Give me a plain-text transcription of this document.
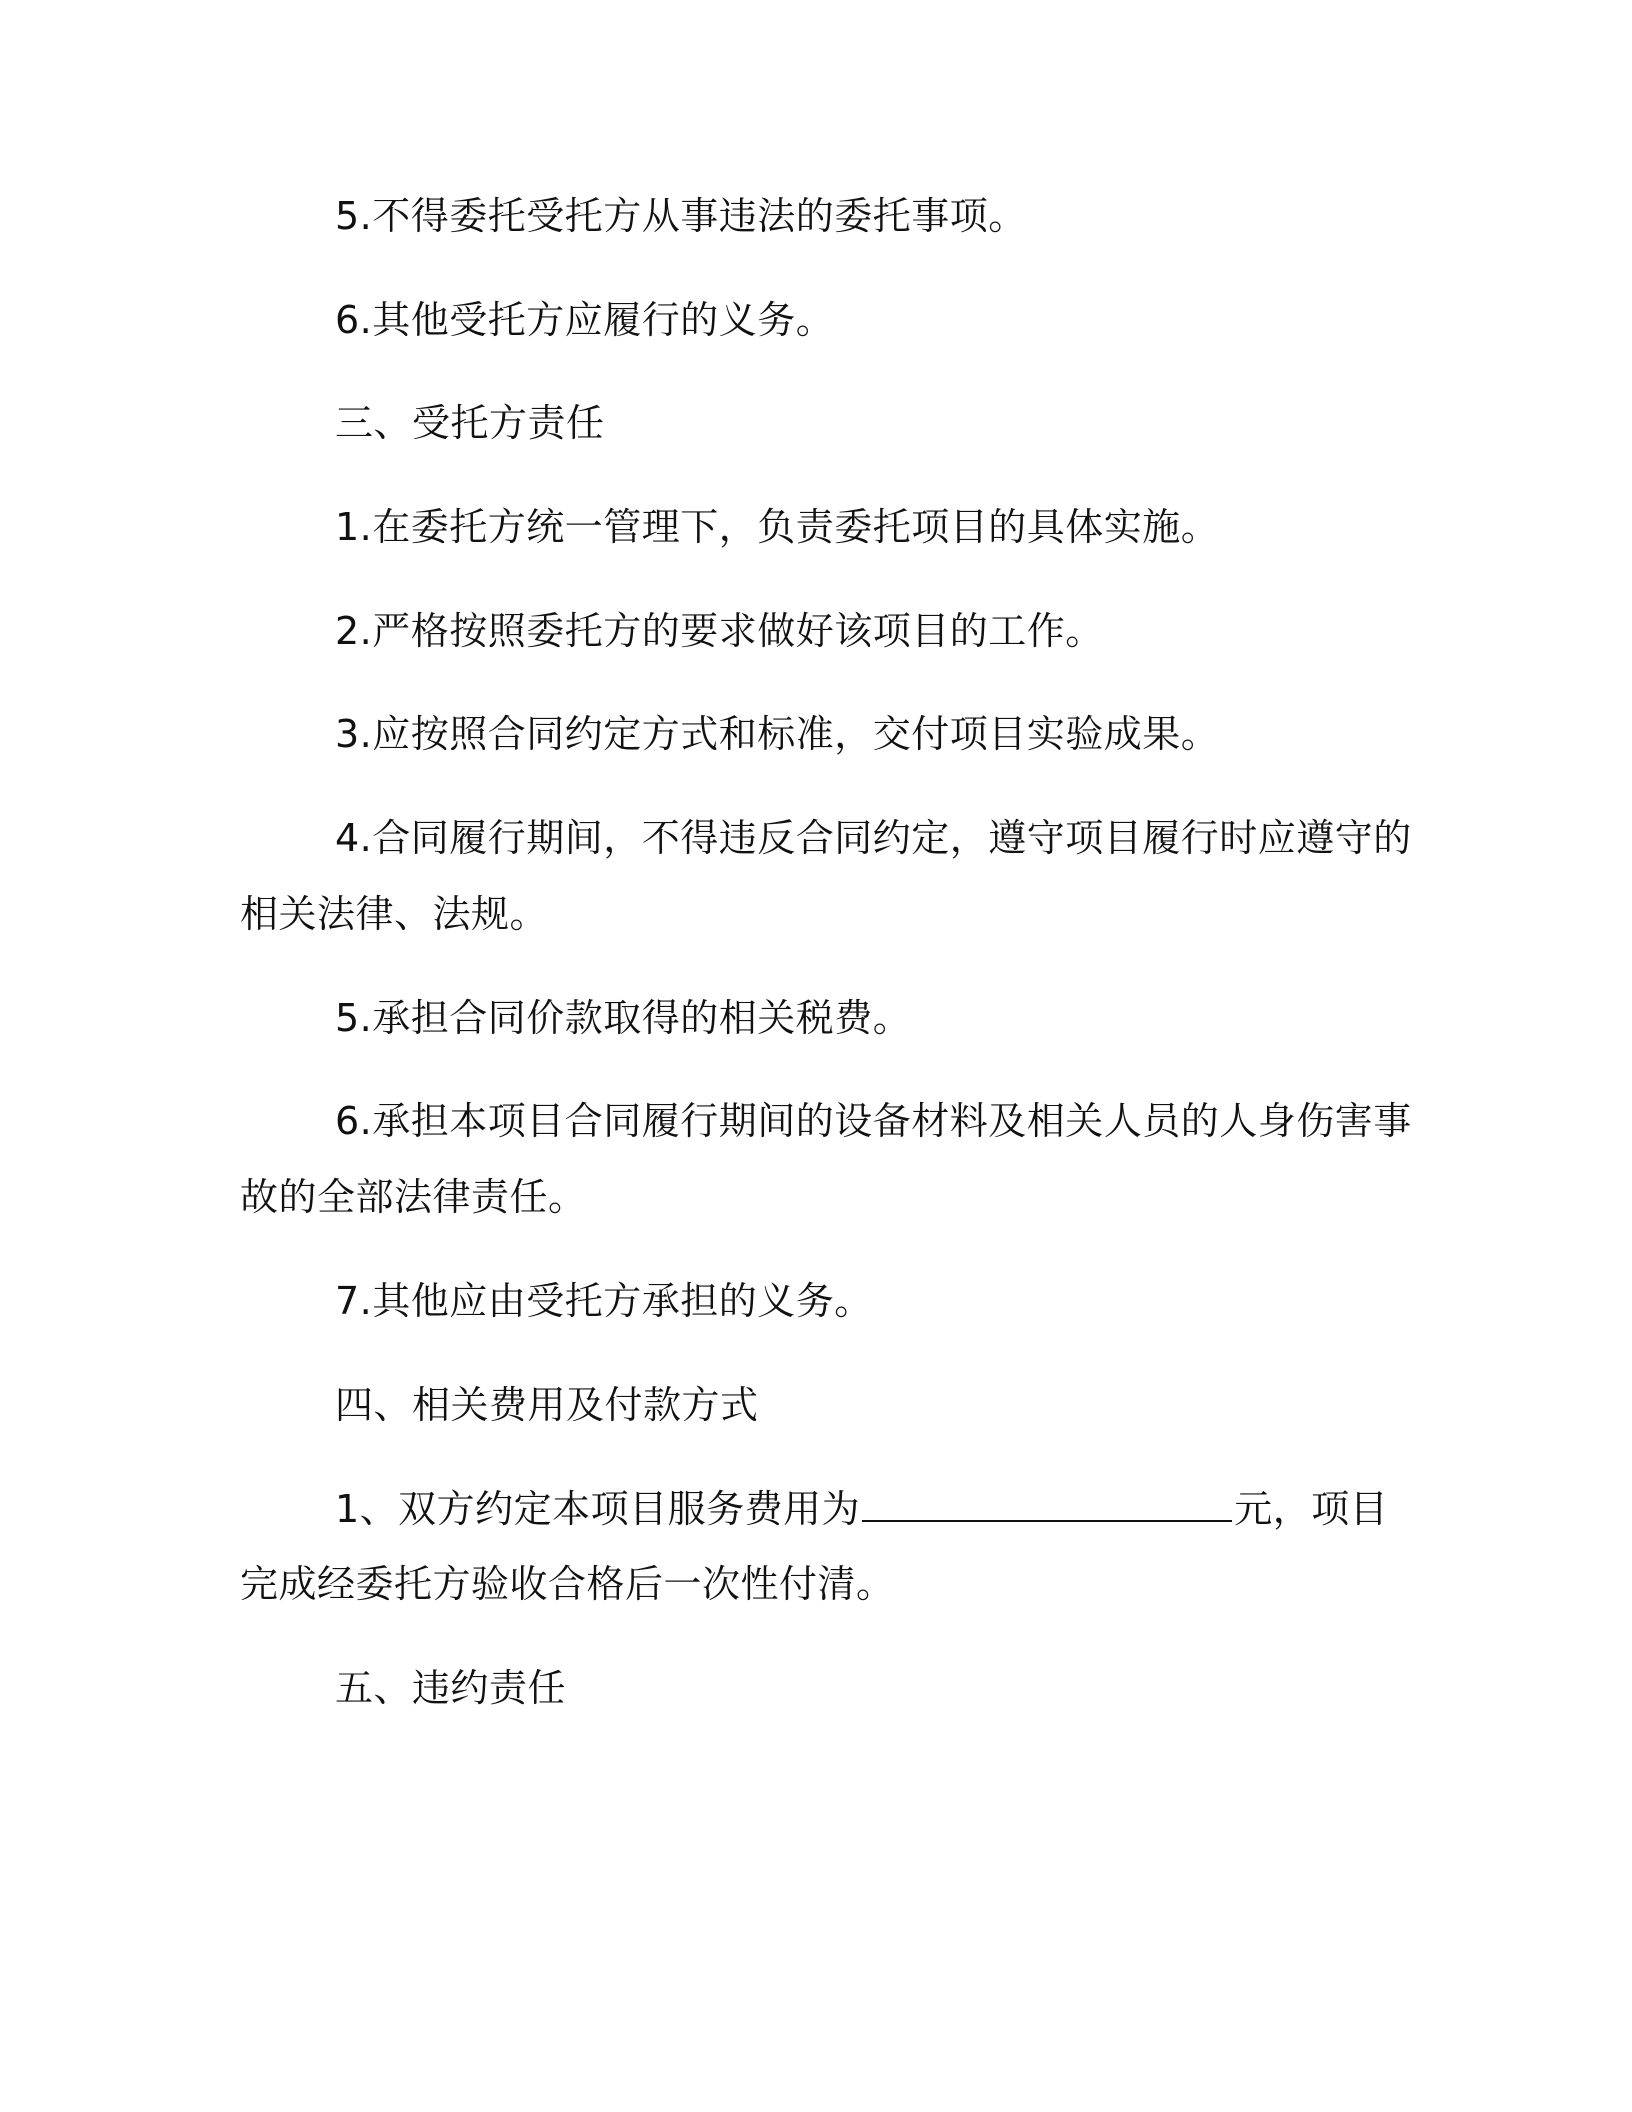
5.不得委托受托方从事违法的委托事项。
6.其他受托方应履行的义务。
三、受托方责任
1.在委托方统一管理下，负责委托项目的具体实施。
2.严格按照委托方的要求做好该项目的工作。
3.应按照合同约定方式和标准，交付项目实验成果。
4.合同履行期间，不得违反合同约定，遵守项目履行时应遵守的
相关法律、法规。
5.承担合同价款取得的相关税费。
6.承担本项目合同履行期间的设备材料及相关人员的人身伤害事
故的全部法律责任。
7.其他应由受托方承担的义务。
四、相关费用及付款方式
1、双方约定本项目服务费用为	元，项目
完成经委托方验收合格后一次性付清。
五、违约责任
